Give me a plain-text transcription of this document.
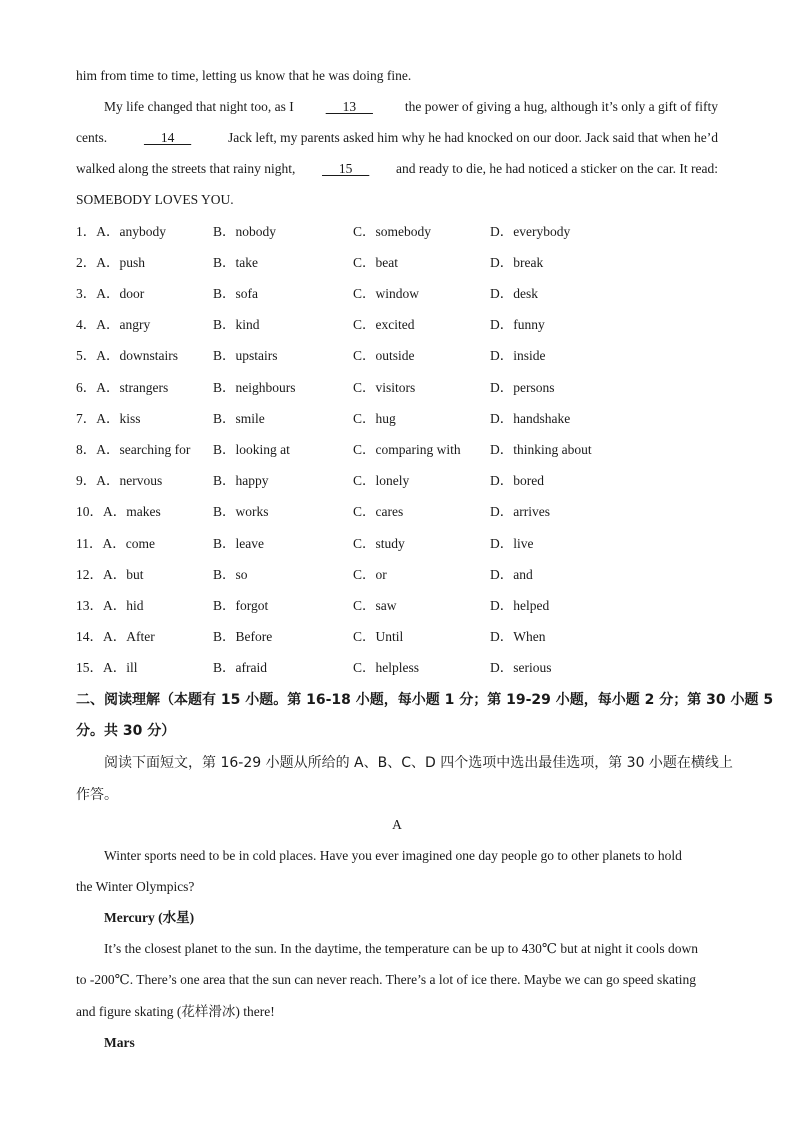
him from time to time, letting us know that he was doing fine.
My life changed that night too, as I 13 the power of giving a hug, although it’s only a gift of fifty
cents.	14	Jack left, my parents asked him why he had knocked on our door. Jack said that when he’d
walked along the streets that rainy night, 15 and ready to die, he had noticed a sticker on the car. It read:
SOMEBODY LOVES YOU.
1．A．anybody	B．nobody	C．somebody	D．everybody
2．A．push	B．take	C．beat	D．break
3．A．door	B．sofa	C．window	D．desk
4．A．angry	B．kind	C．excited	D．funny
5．A．downstairs	B．upstairs	C．outside	D．inside
6．A．strangers	B．neighbours	C．visitors	D．persons
7．A．kiss	B．smile	C．hug	D．handshake
8．A．searching for B．looking at	C．comparing with D．thinking about
9．A．nervous	B．happy	C．lonely	D．bored
10．A．makes	B．works	C．cares	D．arrives
11．A．come	B．leave	C．study	D．live
12．A．but	B．so	C．or	D．and
13．A．hid	B．forgot	C．saw	D．helped
14．A．After	B．Before	C．Until	D．When
15．A．ill	B．afraid	C．helpless	D．serious
二、阅读理解（本题有 15 小题。第 16-18 小题，每小题 1 分；第 19-29 小题，每小题 2 分；第 30 小题 5
分。共 30 分）
阅读下面短文，第 16-29 小题从所给的 A、B、C、D 四个选项中选出最佳选项，第 30 小题在横线上
作答。
A
Winter sports need to be in cold places. Have you ever imagined one day people go to other planets to hold
the Winter Olympics?
Mercury (水星)
It’s the closest planet to the sun. In the daytime, the temperature can be up to 430℃ but at night it cools down
to -200℃. There’s one area that the sun can never reach. There’s a lot of ice there. Maybe we can go speed skating
and figure skating (花样滑冰) there!
Mars
